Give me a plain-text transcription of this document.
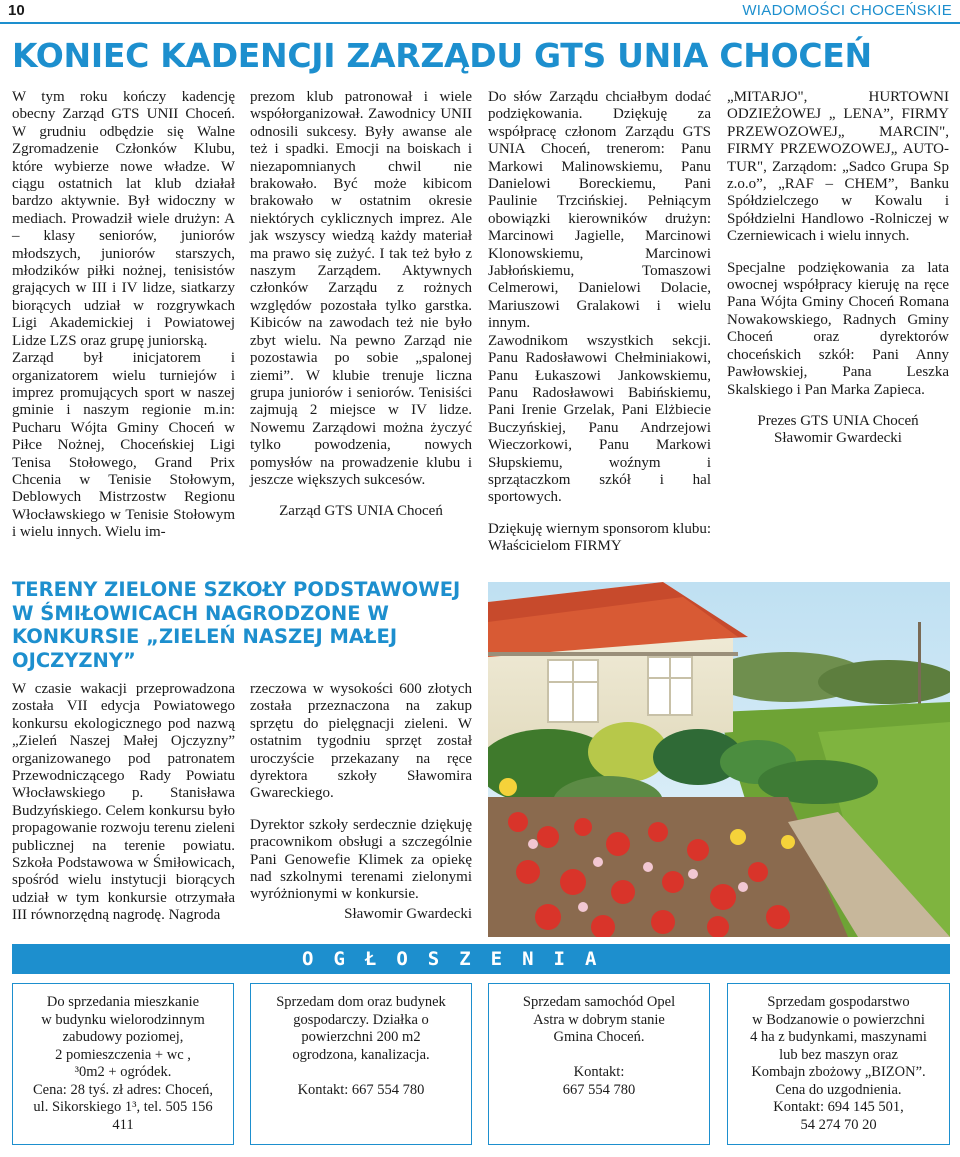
10	WIADOMOŚCI CHOCEŃSKIE
KONIEC KADENCJI ZARZĄDU GTS UNIA CHOCEŃ

W tym roku kończy kadencję obecny Zarząd GTS UNII Choceń. W grudniu odbędzie się Walne Zgromadzenie Członków Klubu, które wybierze nowe władze. W ciągu ostatnich lat klub działał bardzo aktywnie. Był widoczny w mediach. Prowadził wiele drużyn: A – klasy seniorów, juniorów młodszych, juniorów starszych, młodzików piłki nożnej, tenisistów grających w III i IV lidze, siatkarzy biorących udział w rozgrywkach Ligi Akademickiej i Powiatowej Lidze LZS oraz grupę juniorską.

Zarząd był inicjatorem i organizatorem wielu turniejów i imprez promujących sport w naszej gminie i naszym regionie m.in: Pucharu Wójta Gminy Choceń w Piłce Nożnej, Choceńskiej Ligi Tenisa Stołowego, Grand Prix Chcenia w Tenisie Stołowym, Deblowych Mistrzostw Regionu Włocławskiego w Tenisie Stołowym i wielu innych. Wielu im-

prezom klub patronował i wiele współorganizował. Zawodnicy UNII odnosili sukcesy. Były awanse ale też i spadki. Emocji na boiskach i niezapomnianych chwil nie brakowało. Być może kibicom brakowało w ostatnim okresie niektórych cyklicznych imprez. Ale jak wszyscy wiedzą każdy materiał ma prawo się zużyć. I tak też było z naszym Zarządem. Aktywnych członków Zarządu z rożnych względów pozostała tylko garstka. Kibiców na zawodach też nie było zbyt wielu. Na pewno Zarząd nie pozostawia po sobie „spalonej ziemi”. W klubie trenuje liczna grupa juniorów i seniorów. Tenisiści zajmują 2 miejsce w IV lidze. Nowemu Zarządowi można życzyć tylko powodzenia, nowych pomysłów na prowadzenie klubu i jeszcze większych sukcesów.

Zarząd GTS UNIA Choceń

Do słów Zarządu chciałbym dodać podziękowania. Dziękuję za współpracę członom Zarządu GTS UNIA Choceń, trenerom: Panu Markowi Malinowskiemu, Panu Danielowi Boreckiemu, Pani Paulinie Trzcińskiej. Pełniącym obowiązki kierowników drużyn: Marcinowi Jagielle, Marcinowi Klonowskiemu, Marcinowi Jabłońskiemu, Tomaszowi Celmerowi, Danielowi Dolacie, Mariuszowi Gralakowi i wielu innym.

Zawodnikom wszystkich sekcji. Panu Radosławowi Chełminiakowi, Panu Łukaszowi Jankowskiemu, Panu Radosławowi Babińskiemu, Pani Irenie Grzelak, Pani Elżbiecie Buczyńskiej, Panu Andrzejowi Wieczorkowi, Panu Markowi Słupskiemu, woźnym i sprzątaczkom szkół i hal sportowych.

Dziękuję wiernym sponsorom klubu: Właścicielom FIRMY

„MITARJO", HURTOWNI ODZIEŻOWEJ „ LENA”, FIRMY PRZEWOZOWEJ„ MARCIN", FIRMY PRZEWOZOWEJ„ AUTO-TUR", Zarządom: „Sadco Grupa Sp z.o.o”, „RAF – CHEM”, Banku Spółdzielczego w Kowalu i Spółdzielni Handlowo -Rolniczej w Czerniewicach i wielu innych.

Specjalne podziękowania za lata owocnej współpracy kieruję na ręce Pana Wójta Gminy Choceń Romana Nowakowskiego, Radnych Gminy Choceń oraz dyrektorów choceńskich szkół: Pani Anny Pawłowskiej, Pana Leszka Skalskiego i Pan Marka Zapieca.

Prezes GTS UNIA Choceń

Sławomir Gwardecki

TERENY ZIELONE SZKOŁY PODSTAWOWEJ W ŚMIŁOWICACH NAGRODZONE W KONKURSIE „ZIELEŃ NASZEJ MAŁEJ OJCZYZNY”

W czasie wakacji przeprowadzona została VII edycja Powiatowego konkursu ekologicznego pod nazwą „Zieleń Naszej Małej Ojczyzny” organizowanego pod patronatem Przewodniczącego Rady Powiatu Włocławskiego p. Stanisława Budzyńskiego. Celem konkursu było propagowanie rozwoju terenu zieleni publicznej na terenie powiatu. Szkoła Podstawowa w Śmiłowicach, spośród wielu instytucji biorących udział w tym konkursie otrzymała III równorzędną nagrodę. Nagroda

rzeczowa w wysokości 600 złotych została przeznaczona na zakup sprzętu do pielęgnacji zieleni. W ostatnim tygodniu sprzęt został uroczyście przekazany na ręce dyrektora szkoły Sławomira Gwareckiego.

Dyrektor szkoły serdecznie dziękuję pracownikom obsługi a szczególnie Pani Genowefie Klimek za opiekę nad szkolnymi terenami zielonymi wyróżnionymi w konkursie.

Sławomir Gwardecki

OGŁOSZENIA

Do sprzedania mieszkanie

w budynku wielorodzinnym

zabudowy poziomej,

2 pomieszczenia + wc ,

³0m2 + ogródek.

Cena: 28 tyś. zł adres: Choceń,

ul. Sikorskiego 1³, tel. 505 156

411

Sprzedam dom oraz budynek

gospodarczy. Działka o

powierzchni 200 m2

ogrodzona, kanalizacja.

Kontakt: 667 554 780

Sprzedam samochód Opel

Astra w dobrym stanie

Gmina Choceń.

Kontakt:

667 554 780

Sprzedam gospodarstwo

w Bodzanowie o powierzchni

4 ha z budynkami, maszynami

lub bez maszyn oraz

Kombajn zbożowy „BIZON”.

Cena do uzgodnienia.

Kontakt: 694 145 501,

54 274 70 20
